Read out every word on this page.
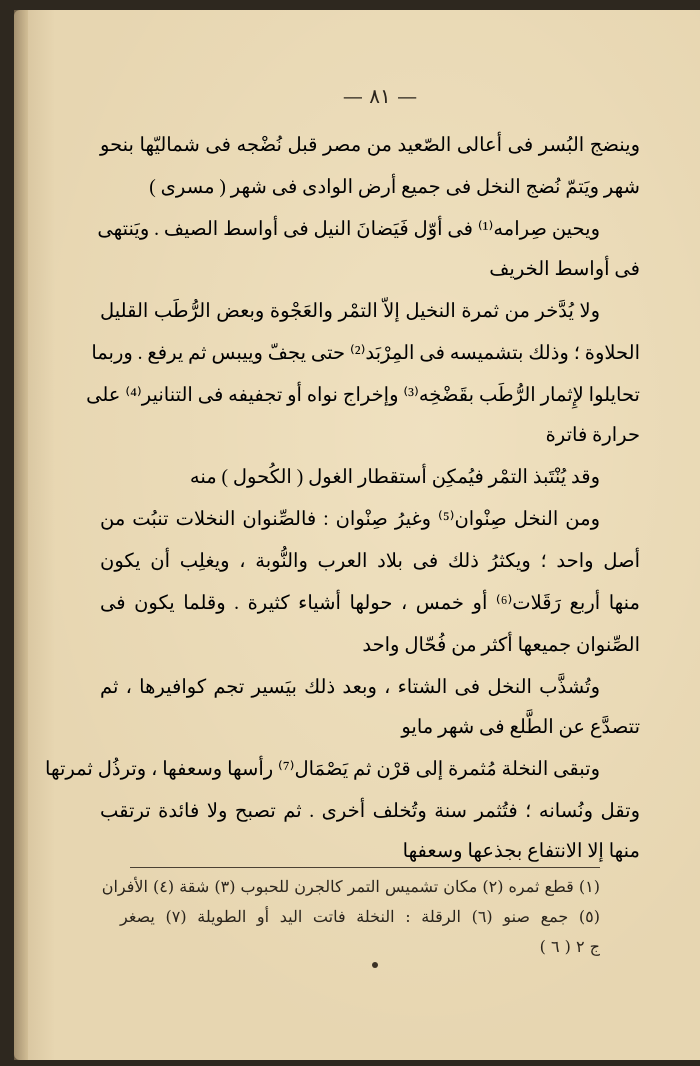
— ٨١ —
وينضج البُسر فى أعالى الصّعيد من مصر قبل نُضْجه فى شماليّها بنحو
شهر ويَتمّ نُضج النخل فى جميع أرض الوادى فى شهر ( مسرى )
ويحين صِرامه⁽¹⁾ فى أوّل فَيَضانَ النيل فى أواسط الصيف . ويَنتهى
فى أواسط الخريف
ولا يُدَّخر من ثمرة النخيل إلاّ التمْر والعَجْوة وبعض الرُّطَب القليل
الحلاوة ؛ وذلك بتشميسه فى المِرْبَد⁽²⁾ حتى يجفّ وييبس ثم يرفع . وربما
تحايلوا لإِثمار الرُّطَب بقَضْخِه⁽³⁾ وإخراج نواه أو تجفيفه فى التنانير⁽⁴⁾ على
حرارة فاترة
وقد يُنْتَبذ التمْر فيُمكِن أستقطار الغول ( الكُحول ) منه
ومن النخل صِنْوان⁽⁵⁾ وغيرُ صِنْوان : فالصِّنوان النخلات تنبُت من
أصل واحد ؛ ويكثرُ ذلك فى بلاد العرب والنُّوبة ، ويغلِب أن يكون
منها أربع رَقَلات⁽⁶⁾ أو خمس ، حولها أشياء كثيرة . وقلما يكون فى
الصِّنوان جميعها أكثر من فُحّال واحد
وتُشذَّب النخل فى الشتاء ، وبعد ذلك بيَسير تجم كوافيرها ، ثم
تتصدَّع عن الطَّلع فى شهر مايو
وتبقى النخلة مُثمرة إلى قرْن ثم يَصْمَال⁽⁷⁾ رأسها وسعفها ، وترذُل ثمرتها
وتقل ونُسانه ؛ فتُثمر سنة وتُخلف أخرى . ثم تصبح ولا فائدة ترتقب
منها إلا الانتفاع بجذعها وسعفها
(١) قطع ثمره (٢) مكان تشميس التمر كالجرن للحبوب (٣) شقة (٤) الأفران
(٥) جمع صنو (٦) الرقلة : النخلة فاتت اليد أو الطويلة (٧) يصغر
ج ٢ ( ٦ )
